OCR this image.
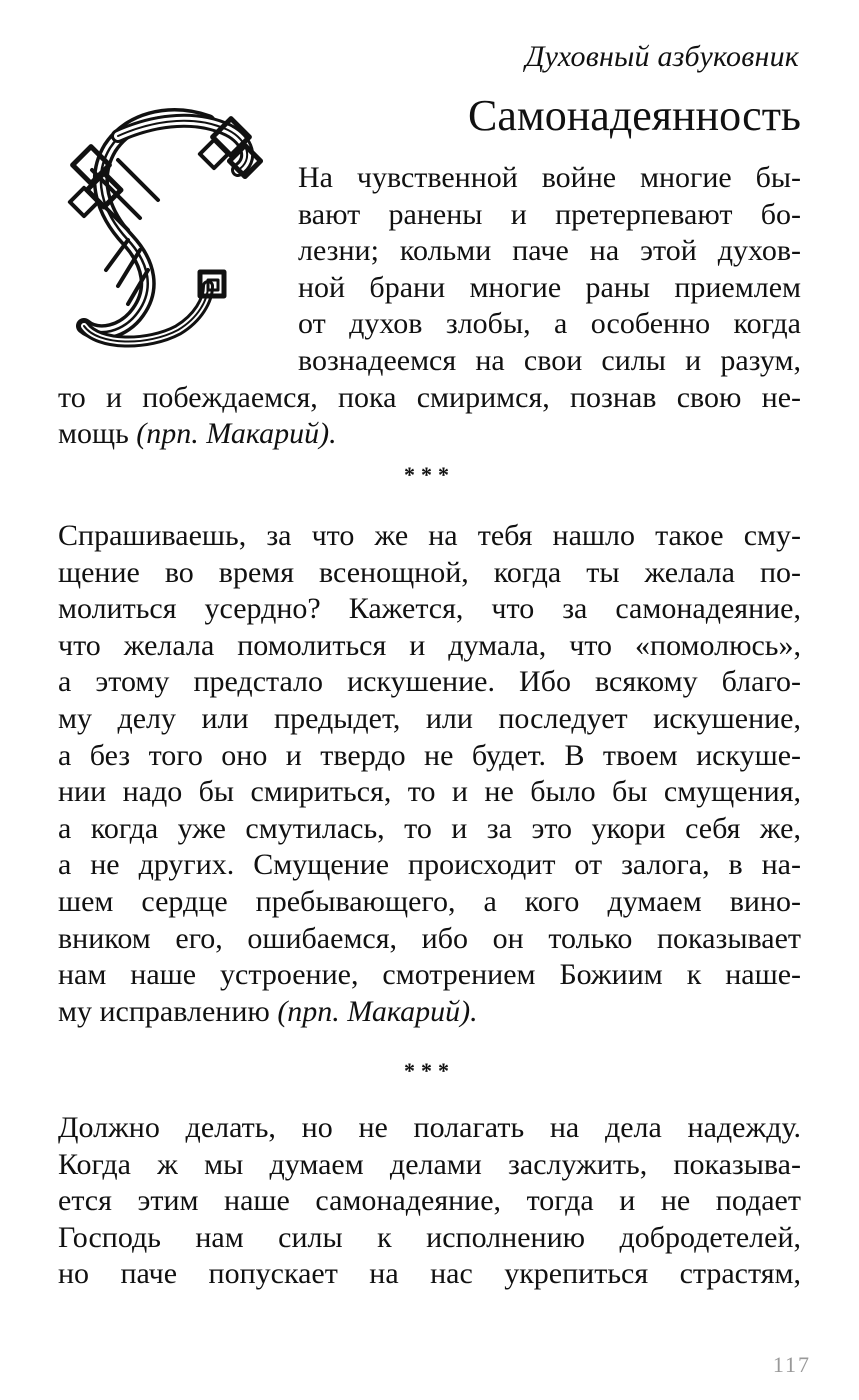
Духовный азбуковник
Самонадеянность
На чувственной войне многие бы-
вают ранены и претерпевают бо-
лезни; кольми паче на этой духов-
ной брани многие раны приемлем
от духов злобы, а особенно когда
вознадеемся на свои силы и разум,
то и побеждаемся, пока смиримся, познав свою не-
мощь (прп. Макарий).
***
Спрашиваешь, за что же на тебя нашло такое сму-
щение во время всенощной, когда ты желала по-
молиться усердно? Кажется, что за самонадеяние,
что желала помолиться и думала, что «помолюсь»,
а этому предстало искушение. Ибо всякому благо-
му делу или предыдет, или последует искушение,
а без того оно и твердо не будет. В твоем искуше-
нии надо бы смириться, то и не было бы смущения,
а когда уже смутилась, то и за это укори себя же,
а не других. Смущение происходит от залога, в на-
шем сердце пребывающего, а кого думаем вино-
вником его, ошибаемся, ибо он только показывает
нам наше устроение, смотрением Божиим к наше-
му исправлению (прп. Макарий).
***
Должно делать, но не полагать на дела надежду.
Когда ж мы думаем делами заслужить, показыва-
ется этим наше самонадеяние, тогда и не подает
Господь нам силы к исполнению добродетелей,
но паче попускает на нас укрепиться страстям,
117
